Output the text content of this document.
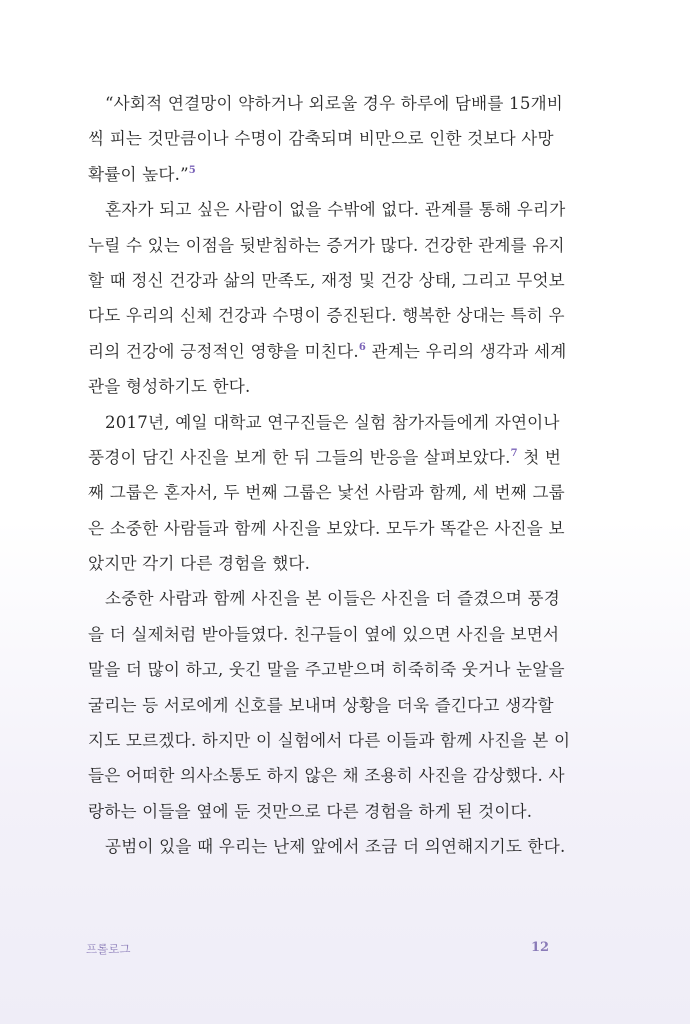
“사회적 연결망이 약하거나 외로울 경우 하루에 담배를 15개비
씩 피는 것만큼이나 수명이 감축되며 비만으로 인한 것보다 사망
확률이 높다.”$^5$
혼자가 되고 싶은 사람이 없을 수밖에 없다. 관계를 통해 우리가
누릴 수 있는 이점을 뒷받침하는 증거가 많다. 건강한 관계를 유지
할 때 정신 건강과 삶의 만족도, 재정 및 건강 상태, 그리고 무엇보
다도 우리의 신체 건강과 수명이 증진된다. 행복한 상대는 특히 우
리의 건강에 긍정적인 영향을 미친다.$^6$ 관계는 우리의 생각과 세계
관을 형성하기도 한다.
2017년, 예일 대학교 연구진들은 실험 참가자들에게 자연이나
풍경이 담긴 사진을 보게 한 뒤 그들의 반응을 살펴보았다.$^7$ 첫 번
째 그룹은 혼자서, 두 번째 그룹은 낯선 사람과 함께, 세 번째 그룹
은 소중한 사람들과 함께 사진을 보았다. 모두가 똑같은 사진을 보
았지만 각기 다른 경험을 했다.
소중한 사람과 함께 사진을 본 이들은 사진을 더 즐겼으며 풍경
을 더 실제처럼 받아들였다. 친구들이 옆에 있으면 사진을 보면서
말을 더 많이 하고, 웃긴 말을 주고받으며 히죽히죽 웃거나 눈알을
굴리는 등 서로에게 신호를 보내며 상황을 더욱 즐긴다고 생각할
지도 모르겠다. 하지만 이 실험에서 다른 이들과 함께 사진을 본 이
들은 어떠한 의사소통도 하지 않은 채 조용히 사진을 감상했다. 사
랑하는 이들을 옆에 둔 것만으로 다른 경험을 하게 된 것이다.
공범이 있을 때 우리는 난제 앞에서 조금 더 의연해지기도 한다.
프롤로그	12
